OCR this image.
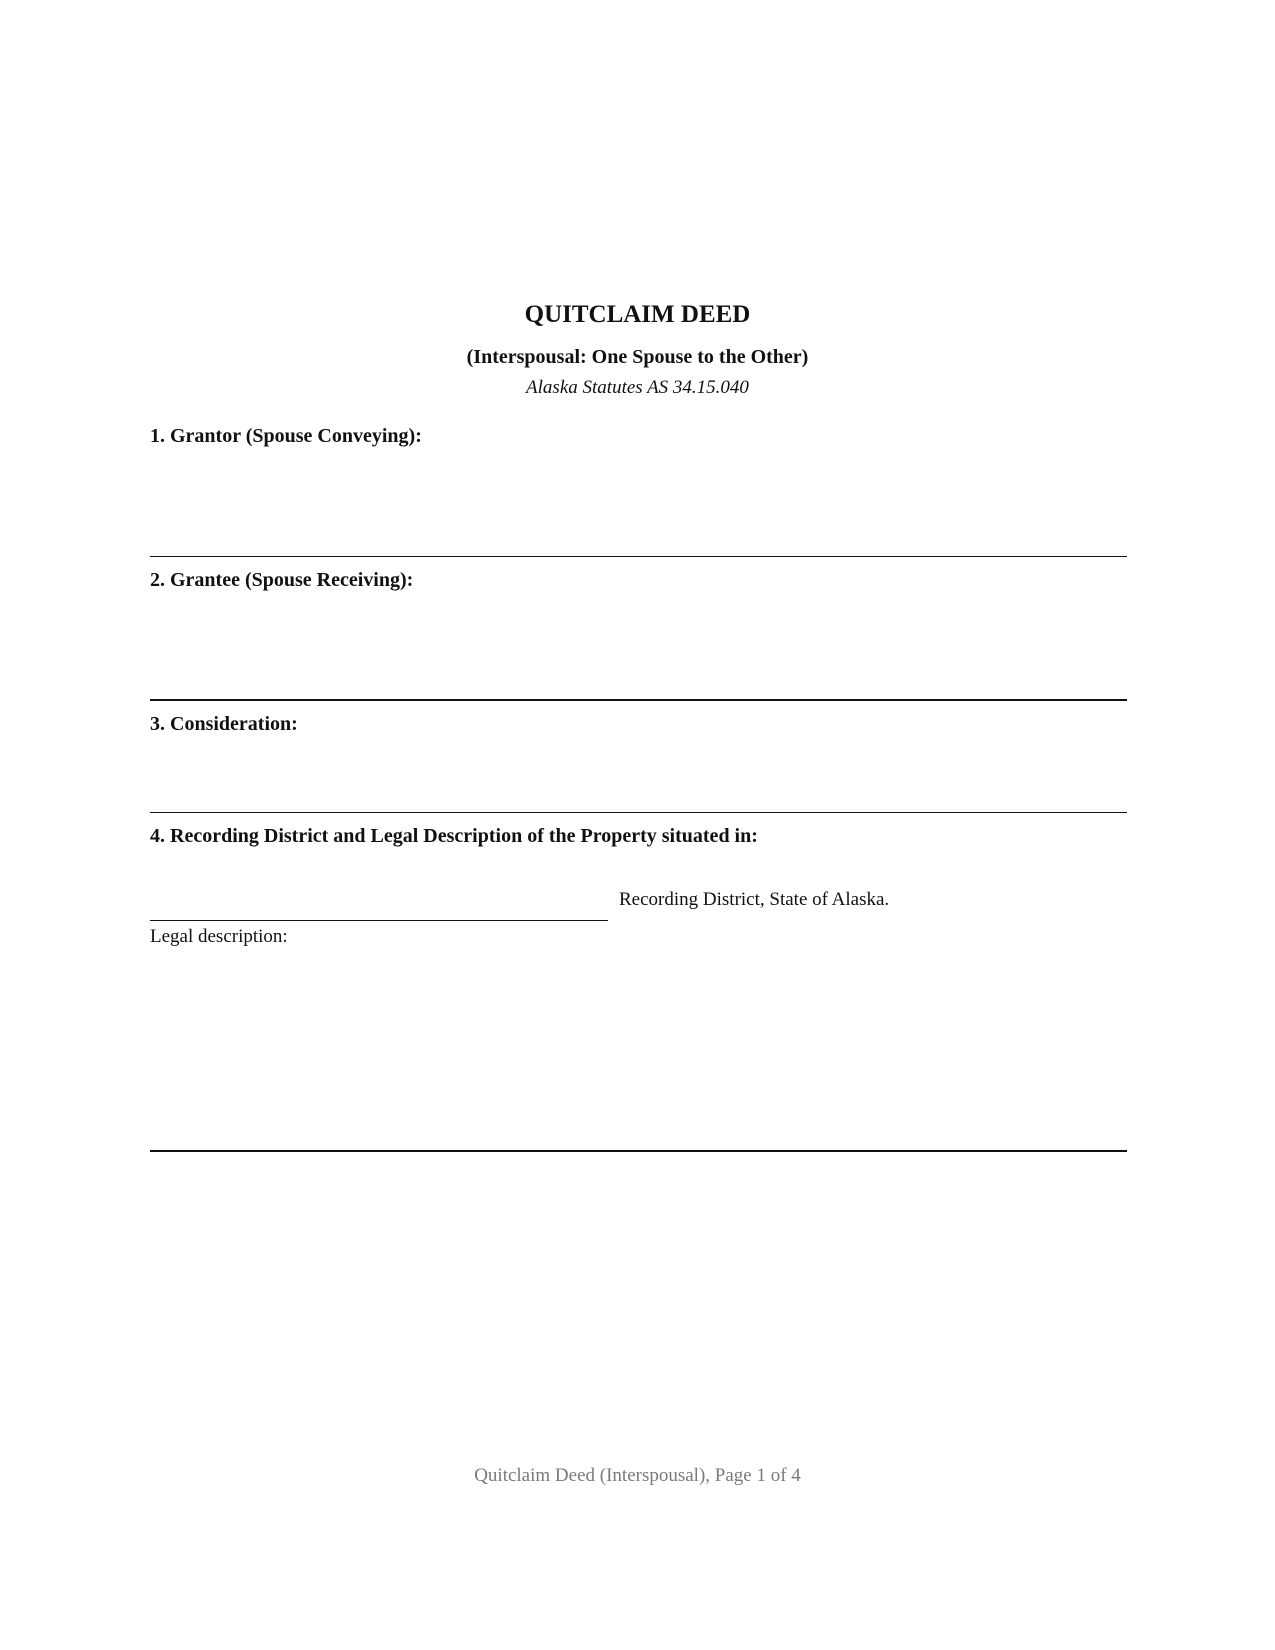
QUITCLAIM DEED
(Interspousal: One Spouse to the Other)
Alaska Statutes AS 34.15.040
1. Grantor (Spouse Conveying):
2. Grantee (Spouse Receiving):
3. Consideration:
4. Recording District and Legal Description of the Property situated in:
Recording District, State of Alaska.
Legal description:
Quitclaim Deed (Interspousal), Page 1 of 4
